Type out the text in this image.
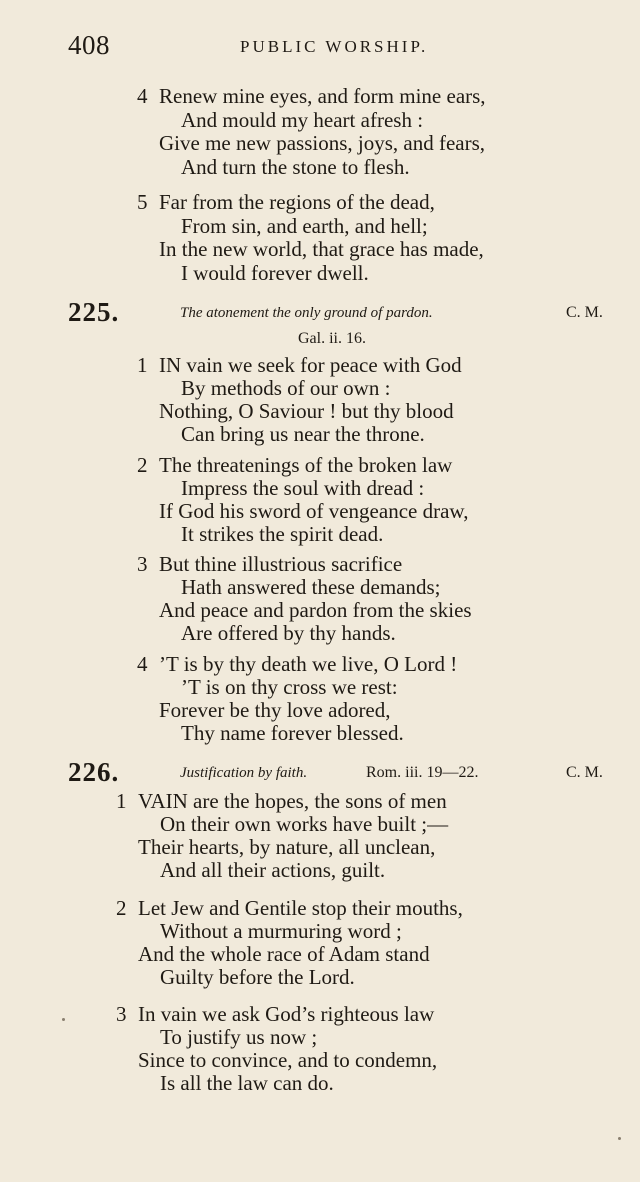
408	PUBLIC WORSHIP.
4 Renew mine eyes, and form mine ears,
And mould my heart afresh :
Give me new passions, joys, and fears,
And turn the stone to flesh.
5 Far from the regions of the dead,
From sin, and earth, and hell;
In the new world, that grace has made,
I would forever dwell.
225.	The atonement the only ground of pardon.	C. M.
Gal. ii. 16.
1 IN vain we seek for peace with God
By methods of our own :
Nothing, O Saviour ! but thy blood
Can bring us near the throne.
2 The threatenings of the broken law
Impress the soul with dread :
If God his sword of vengeance draw,
It strikes the spirit dead.
3 But thine illustrious sacrifice
Hath answered these demands;
And peace and pardon from the skies
Are offered by thy hands.
4 ’T is by thy death we live, O Lord !
’T is on thy cross we rest:
Forever be thy love adored,
Thy name forever blessed.
226.	Justification by faith.	Rom. iii. 19—22.	C. M.
1 VAIN are the hopes, the sons of men
On their own works have built ;—
Their hearts, by nature, all unclean,
And all their actions, guilt.
2 Let Jew and Gentile stop their mouths,
Without a murmuring word ;
And the whole race of Adam stand
Guilty before the Lord.
3 In vain we ask God’s righteous law
To justify us now ;
Since to convince, and to condemn,
Is all the law can do.
